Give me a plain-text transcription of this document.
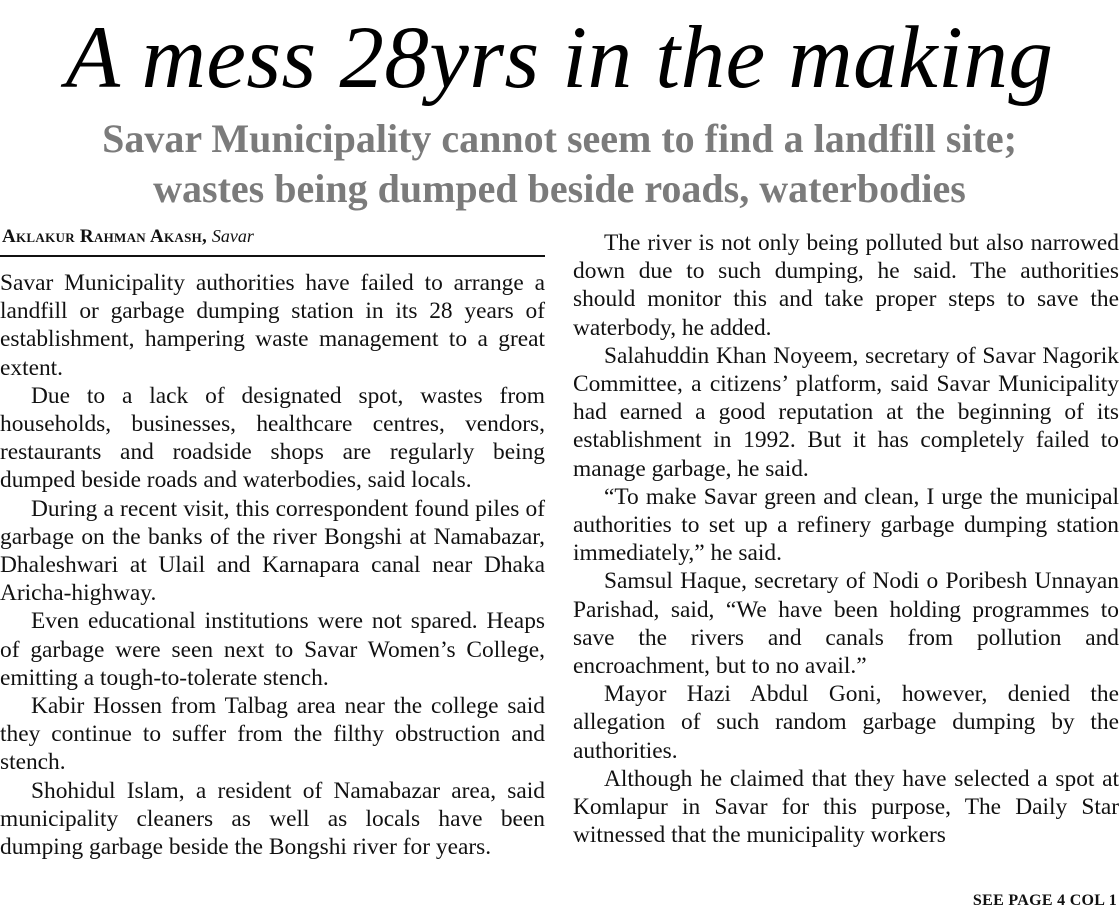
A mess 28yrs in the making
Savar Municipality cannot seem to find a landfill site;
wastes being dumped beside roads, waterbodies
Aklakur Rahman Akash, Savar

Savar Municipality authorities have failed to arrange a landfill or garbage dumping station in its 28 years of establishment, hampering waste management to a great extent.

Due to a lack of designated spot, wastes from households, businesses, healthcare centres, vendors, restaurants and roadside shops are regularly being dumped beside roads and waterbodies, said locals.

During a recent visit, this correspondent found piles of garbage on the banks of the river Bongshi at Namabazar, Dhaleshwari at Ulail and Karnapara canal near Dhaka Aricha-highway.

Even educational institutions were not spared. Heaps of garbage were seen next to Savar Women’s College, emitting a tough-to-tolerate stench.

Kabir Hossen from Talbag area near the college said they continue to suffer from the filthy obstruction and stench.

Shohidul Islam, a resident of Namabazar area, said municipality cleaners as well as locals have been dumping garbage beside the Bongshi river for years.

The river is not only being polluted but also narrowed down due to such dumping, he said. The authorities should monitor this and take proper steps to save the waterbody, he added.

Salahuddin Khan Noyeem, secretary of Savar Nagorik Committee, a citizens’ platform, said Savar Municipality had earned a good reputation at the beginning of its establishment in 1992. But it has completely failed to manage garbage, he said.

“To make Savar green and clean, I urge the municipal authorities to set up a refinery garbage dumping station immediately,” he said.

Samsul Haque, secretary of Nodi o Poribesh Unnayan Parishad, said, “We have been holding programmes to save the rivers and canals from pollution and encroachment, but to no avail.”

Mayor Hazi Abdul Goni, however, denied the allegation of such random garbage dumping by the authorities.

Although he claimed that they have selected a spot at Komlapur in Savar for this purpose, The Daily Star witnessed that the municipality workers

SEE PAGE 4 COL 1
